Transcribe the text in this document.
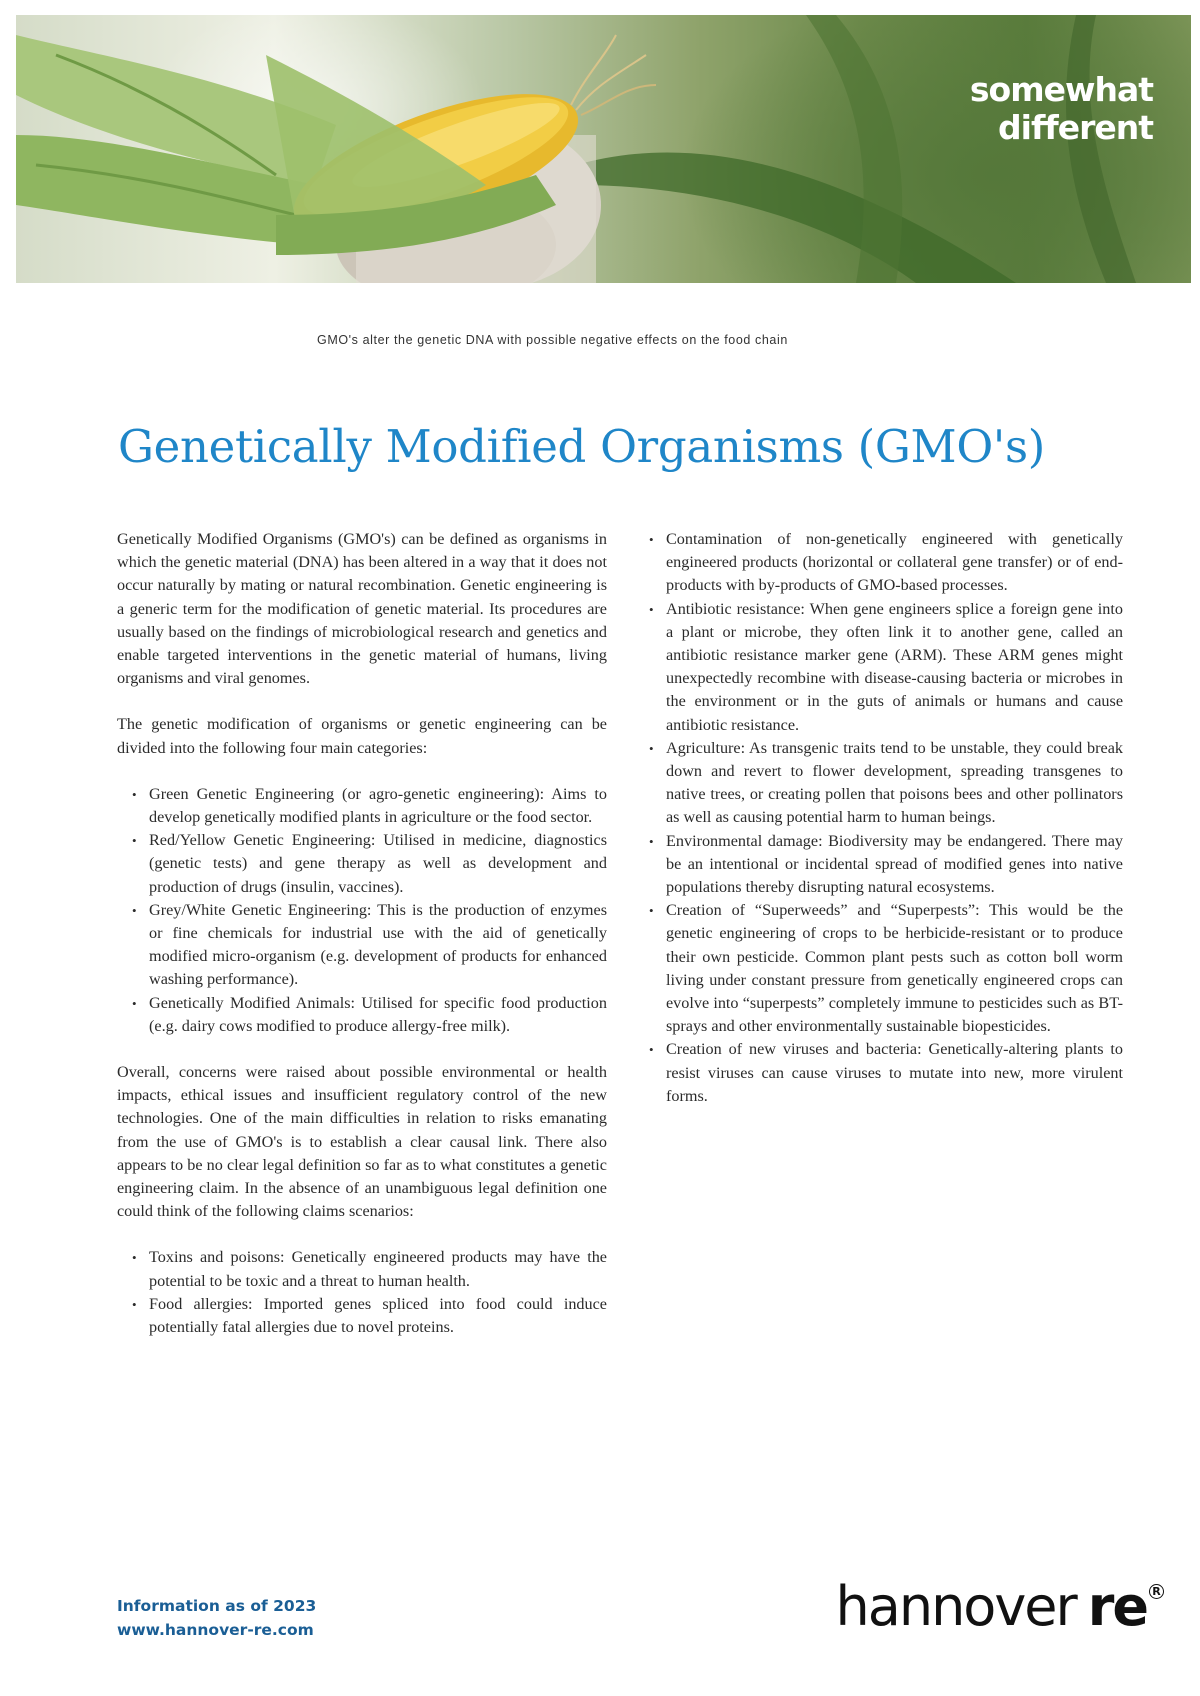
somewhat
different
GMO's alter the genetic DNA with possible negative effects on the food chain
Genetically Modified Organisms (GMO's)

Genetically Modified Organisms (GMO's) can be defined as organisms in which the genetic material (DNA) has been altered in a way that it does not occur naturally by mating or natural recombination. Genetic engineering is a generic term for the modification of genetic material. Its procedures are usually based on the findings of microbiological research and genetics and enable targeted interventions in the genetic material of humans, living organisms and viral genomes.

The genetic modification of organisms or genetic engineering can be divided into the following four main categories:

• Green Genetic Engineering (or agro-genetic engineering): Aims to develop genetically modified plants in agriculture or the food sector.
• Red/Yellow Genetic Engineering: Utilised in medicine, diagnostics (genetic tests) and gene therapy as well as development and production of drugs (insulin, vaccines).
• Grey/White Genetic Engineering: This is the production of enzymes or fine chemicals for industrial use with the aid of genetically modified micro-organism (e.g. development of products for enhanced washing performance).
• Genetically Modified Animals: Utilised for specific food production (e.g. dairy cows modified to produce allergy-free milk).

Overall, concerns were raised about possible environmental or health impacts, ethical issues and insufficient regulatory control of the new technologies. One of the main difficulties in relation to risks emanating from the use of GMO's is to establish a clear causal link. There also appears to be no clear legal definition so far as to what constitutes a genetic engineering claim. In the absence of an unambiguous legal definition one could think of the following claims scenarios:

• Toxins and poisons: Genetically engineered products may have the potential to be toxic and a threat to human health.
• Food allergies: Imported genes spliced into food could induce potentially fatal allergies due to novel proteins.
• Contamination of non-genetically engineered with genetically engineered products (horizontal or collateral gene transfer) or of end-products with by-products of GMO-based processes.
• Antibiotic resistance: When gene engineers splice a foreign gene into a plant or microbe, they often link it to another gene, called an antibiotic resistance marker gene (ARM). These ARM genes might unexpectedly recombine with disease-causing bacteria or microbes in the environment or in the guts of animals or humans and cause antibiotic resistance.
• Agriculture: As transgenic traits tend to be unstable, they could break down and revert to flower development, spreading transgenes to native trees, or creating pollen that poisons bees and other pollinators as well as causing potential harm to human beings.
• Environmental damage: Biodiversity may be endangered. There may be an intentional or incidental spread of modified genes into native populations thereby disrupting natural ecosystems.
• Creation of “Superweeds” and “Superpests”: This would be the genetic engineering of crops to be herbicide-resistant or to produce their own pesticide. Common plant pests such as cotton boll worm living under constant pressure from genetically engineered crops can evolve into “superpests” completely immune to pesticides such as BT-sprays and other environmentally sustainable biopesticides.
• Creation of new viruses and bacteria: Genetically-altering plants to resist viruses can cause viruses to mutate into new, more virulent forms.
Information as of 2023
www.hannover-re.com	hannover re R
